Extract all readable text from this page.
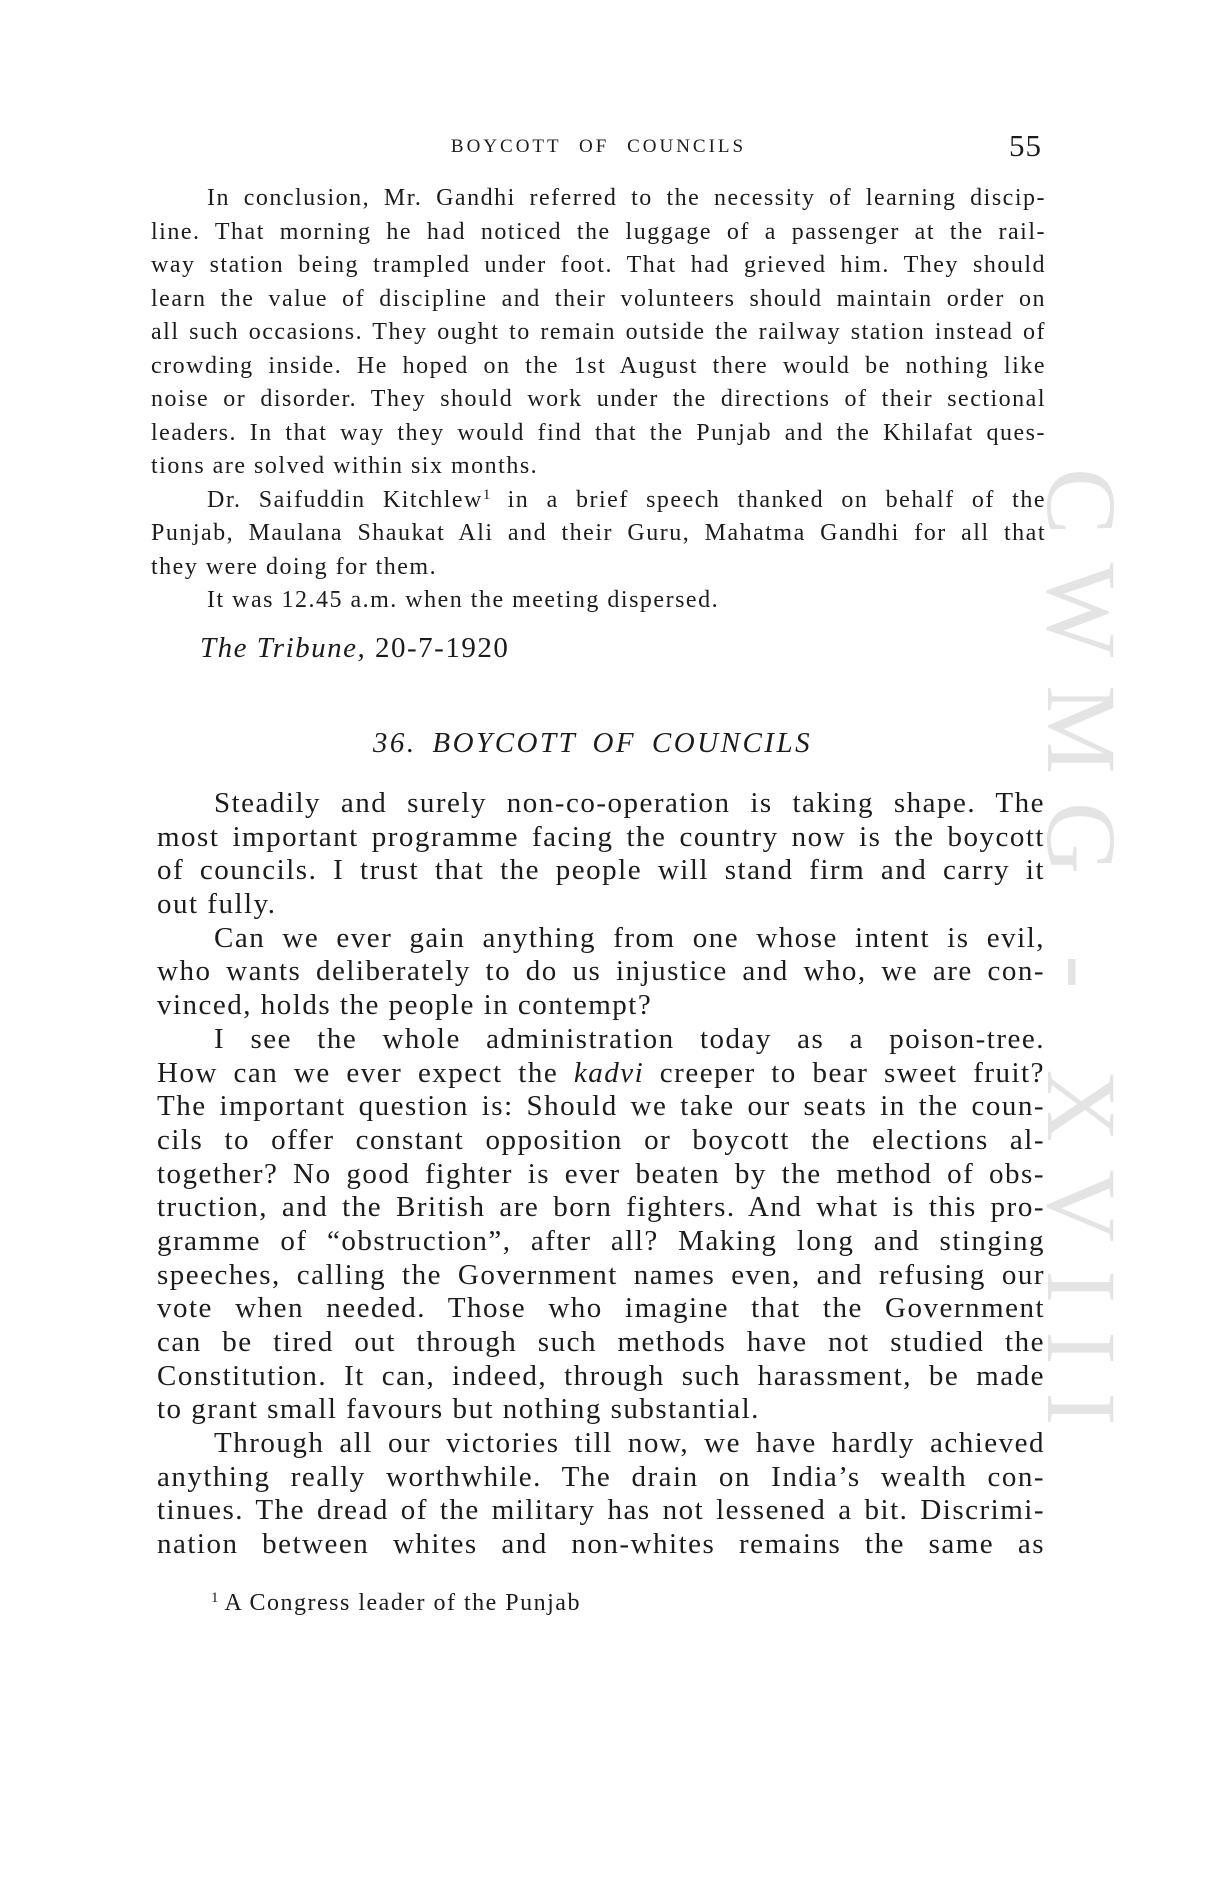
CWMG - XVIII
BOYCOTT OF COUNCILS	55
In conclusion, Mr. Gandhi referred to the necessity of learning discip-
line. That morning he had noticed the luggage of a passenger at the rail-
way station being trampled under foot. That had grieved him. They should
learn the value of discipline and their volunteers should maintain order on
all such occasions. They ought to remain outside the railway station instead of
crowding inside. He hoped on the 1st August there would be nothing like
noise or disorder. They should work under the directions of their sectional
leaders. In that way they would find that the Punjab and the Khilafat ques-
tions are solved within six months.
Dr. Saifuddin Kitchlew$^1$ in a brief speech thanked on behalf of the
Punjab, Maulana Shaukat Ali and their Guru, Mahatma Gandhi for all that
they were doing for them.
It was 12.45 a.m. when the meeting dispersed.
The Tribune, 20-7-1920
36. BOYCOTT OF COUNCILS
Steadily and surely non-co-operation is taking shape. The
most important programme facing the country now is the boycott
of councils. I trust that the people will stand firm and carry it
out fully.
Can we ever gain anything from one whose intent is evil,
who wants deliberately to do us injustice and who, we are con-
vinced, holds the people in contempt?
I see the whole administration today as a poison-tree.
How can we ever expect the kadvi creeper to bear sweet fruit?
The important question is: Should we take our seats in the coun-
cils to offer constant opposition or boycott the elections al-
together? No good fighter is ever beaten by the method of obs-
truction, and the British are born fighters. And what is this pro-
gramme of “obstruction”, after all? Making long and stinging
speeches, calling the Government names even, and refusing our
vote when needed. Those who imagine that the Government
can be tired out through such methods have not studied the
Constitution. It can, indeed, through such harassment, be made
to grant small favours but nothing substantial.
Through all our victories till now, we have hardly achieved
anything really worthwhile. The drain on India’s wealth con-
tinues. The dread of the military has not lessened a bit. Discrimi-
nation between whites and non-whites remains the same as
$^1$ A Congress leader of the Punjab
